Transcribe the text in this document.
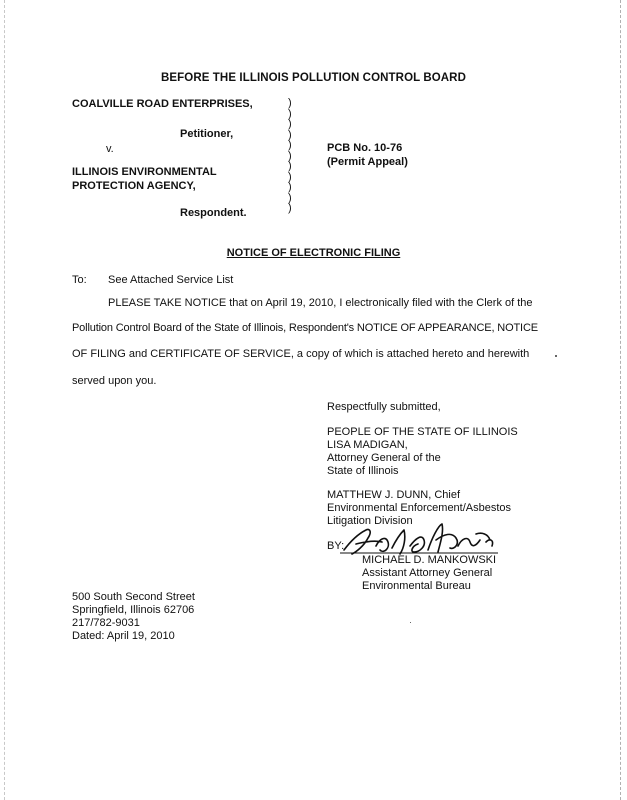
BEFORE THE ILLINOIS POLLUTION CONTROL BOARD
COALVILLE ROAD ENTERPRISES,
Petitioner,
v.
ILLINOIS ENVIRONMENTAL
PROTECTION AGENCY,
Respondent.
)
)
)
)
)
)
)
)
)
)
)
PCB No. 10-76
(Permit Appeal)
NOTICE OF ELECTRONIC FILING
To: See Attached Service List
PLEASE TAKE NOTICE that on April 19, 2010, I electronically filed with the Clerk of the
Pollution Control Board of the State of Illinois, Respondent's NOTICE OF APPEARANCE, NOTICE
OF FILING and CERTIFICATE OF SERVICE, a copy of which is attached hereto and herewith
served upon you.
Respectfully submitted,
PEOPLE OF THE STATE OF ILLINOIS
LISA MADIGAN,
Attorney General of the
State of Illinois
MATTHEW J. DUNN, Chief
Environmental Enforcement/Asbestos
Litigation Division
BY:
MICHAEL D. MANKOWSKI
Assistant Attorney General
Environmental Bureau
500 South Second Street
Springfield, Illinois 62706
217/782-9031
Dated: April 19, 2010
